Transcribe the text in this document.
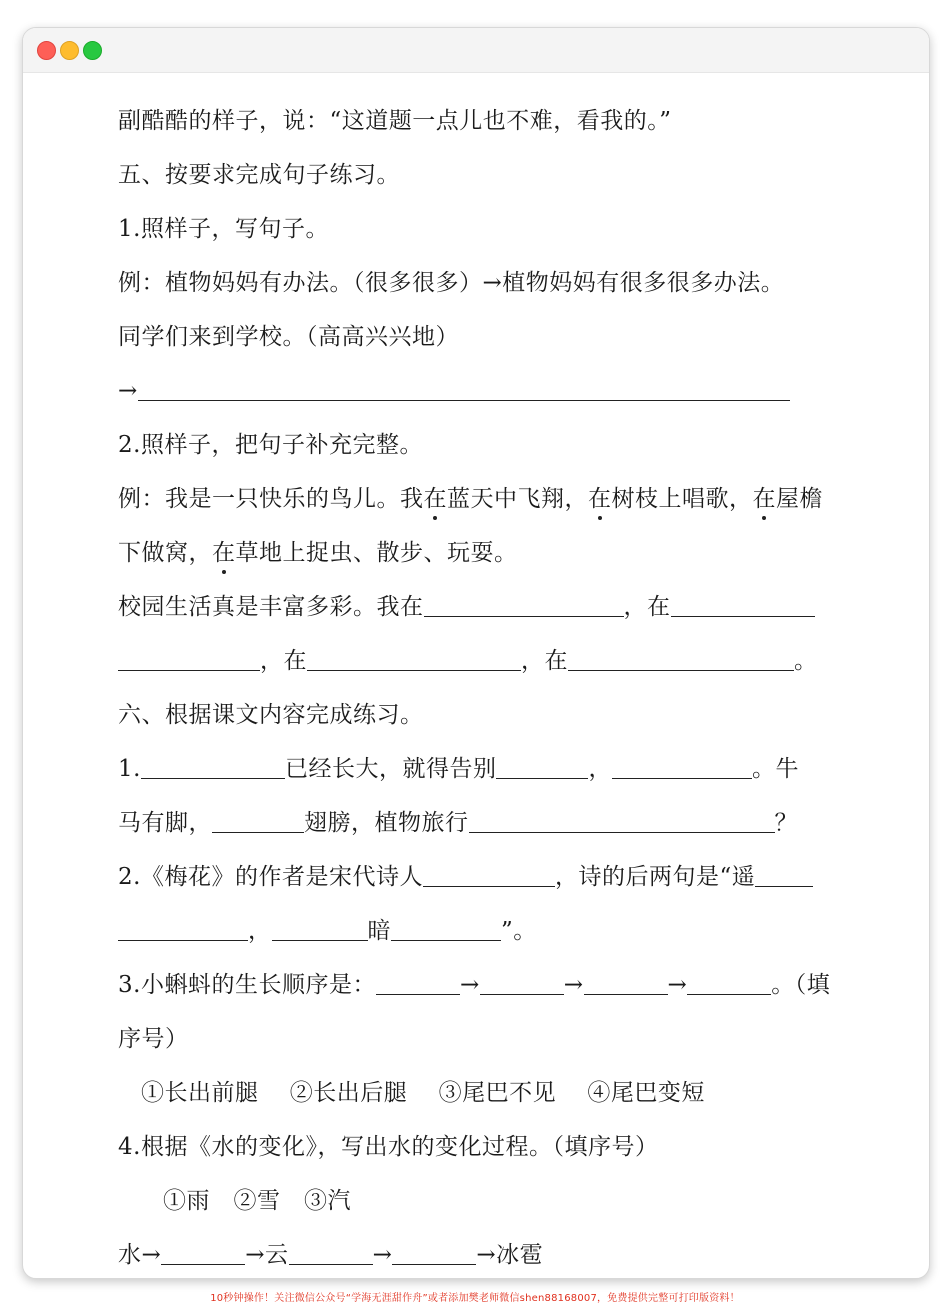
副酷酷的样子，说：“这道题一点儿也不难，看我的。”
五、按要求完成句子练习。
1.照样子，写句子。
例：植物妈妈有办法。（很多很多）→植物妈妈有很多很多办法。
同学们来到学校。（高高兴兴地）
→
2.照样子，把句子补充完整。
例：我是一只快乐的鸟儿。我在蓝天中飞翔，在树枝上唱歌，在屋檐
下做窝，在草地上捉虫、散步、玩耍。
校园生活真是丰富多彩。我在	，在
，在	，在	。
六、根据课文内容完成练习。
1.	已经长大，就得告别	，	。牛
马有脚，	翅膀，植物旅行	？
2.《梅花》的作者是宋代诗人	，诗的后两句是“遥
，	暗	”。
3.小蝌蚪的生长顺序是：	→	→	→	。（填
序号）
①长出前腿　 ②长出后腿　 ③尾巴不见　 ④尾巴变短
4.根据《水的变化》，写出水的变化过程。（填序号）
①雨　②雪　③汽
水→	→云	→	→冰雹
10秒钟操作！关注微信公众号“学海无涯甜作舟”或者添加樊老师微信shen88168007，免费提供完整可打印版资料！
